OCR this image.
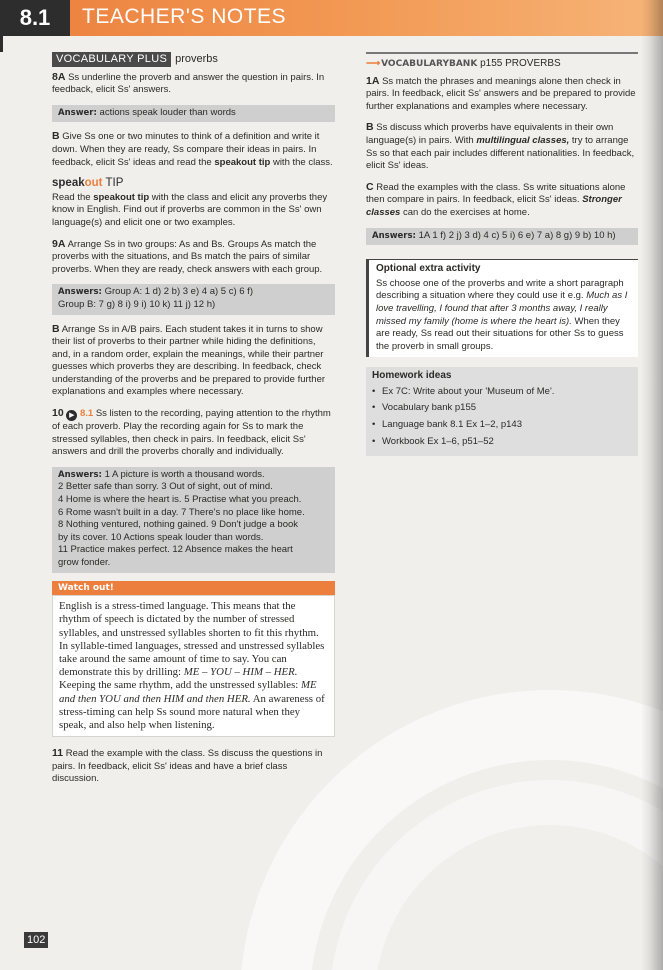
8.1	TEACHER'S NOTES
VOCABULARY PLUS proverbs

8A Ss underline the proverb and answer the question in pairs. In feedback, elicit Ss' answers.

Answer: actions speak louder than words

B Give Ss one or two minutes to think of a definition and write it down. When they are ready, Ss compare their ideas in pairs. In feedback, elicit Ss' ideas and read the speakout tip with the class.

speakout TIP

Read the speakout tip with the class and elicit any proverbs they know in English. Find out if proverbs are common in the Ss' own language(s) and elicit one or two examples.

9A Arrange Ss in two groups: As and Bs. Groups As match the proverbs with the situations, and Bs match the pairs of similar proverbs. When they are ready, check answers with each group.

Answers: Group A: 1 d) 2 b) 3 e) 4 a) 5 c) 6 f)
Group B: 7 g) 8 i) 9 i) 10 k) 11 j) 12 h)

B Arrange Ss in A/B pairs. Each student takes it in turns to show their list of proverbs to their partner while hiding the definitions, and, in a random order, explain the meanings, while their partner guesses which proverbs they are describing. In feedback, check understanding of the proverbs and be prepared to provide further explanations and examples where necessary.

10 ▶ 8.1 Ss listen to the recording, paying attention to the rhythm of each proverb. Play the recording again for Ss to mark the stressed syllables, then check in pairs. In feedback, elicit Ss' answers and drill the proverbs chorally and individually.

Answers: 1 A picture is worth a thousand words.
2 Better safe than sorry. 3 Out of sight, out of mind.
4 Home is where the heart is. 5 Practise what you preach.
6 Rome wasn't built in a day. 7 There's no place like home.
8 Nothing ventured, nothing gained. 9 Don't judge a book
by its cover. 10 Actions speak louder than words.
11 Practice makes perfect. 12 Absence makes the heart
grow fonder.
Watch out!
English is a stress-timed language. This means that the rhythm of speech is dictated by the number of stressed syllables, and unstressed syllables shorten to fit this rhythm. In syllable-timed languages, stressed and unstressed syllables take around the same amount of time to say. You can demonstrate this by drilling: ME – YOU – HIM – HER. Keeping the same rhythm, add the unstressed syllables: ME and then YOU and then HIM and then HER. An awareness of stress-timing can help Ss sound more natural when they speak, and also help when listening.

11 Read the example with the class. Ss discuss the questions in pairs. In feedback, elicit Ss' ideas and have a brief class discussion.

⟶ VOCABULARYBANK p155 PROVERBS

1A Ss match the phrases and meanings alone then check in pairs. In feedback, elicit Ss' answers and be prepared to provide further explanations and examples where necessary.

B Ss discuss which proverbs have equivalents in their own language(s) in pairs. With multilingual classes, try to arrange Ss so that each pair includes different nationalities. In feedback, elicit Ss' ideas.

C Read the examples with the class. Ss write situations alone then compare in pairs. In feedback, elicit Ss' ideas. Stronger classes can do the exercises at home.

Answers: 1A 1 f) 2 j) 3 d) 4 c) 5 i) 6 e) 7 a) 8 g) 9 b) 10 h)
Optional extra activity
Ss choose one of the proverbs and write a short paragraph describing a situation where they could use it e.g. Much as I love travelling, I found that after 3 months away, I really missed my family (home is where the heart is). When they are ready, Ss read out their situations for other Ss to guess the proverb in small groups.
Homework ideas
• Ex 7C: Write about your 'Museum of Me'.
• Vocabulary bank p155
• Language bank 8.1 Ex 1–2, p143
• Workbook Ex 1–6, p51–52
102
